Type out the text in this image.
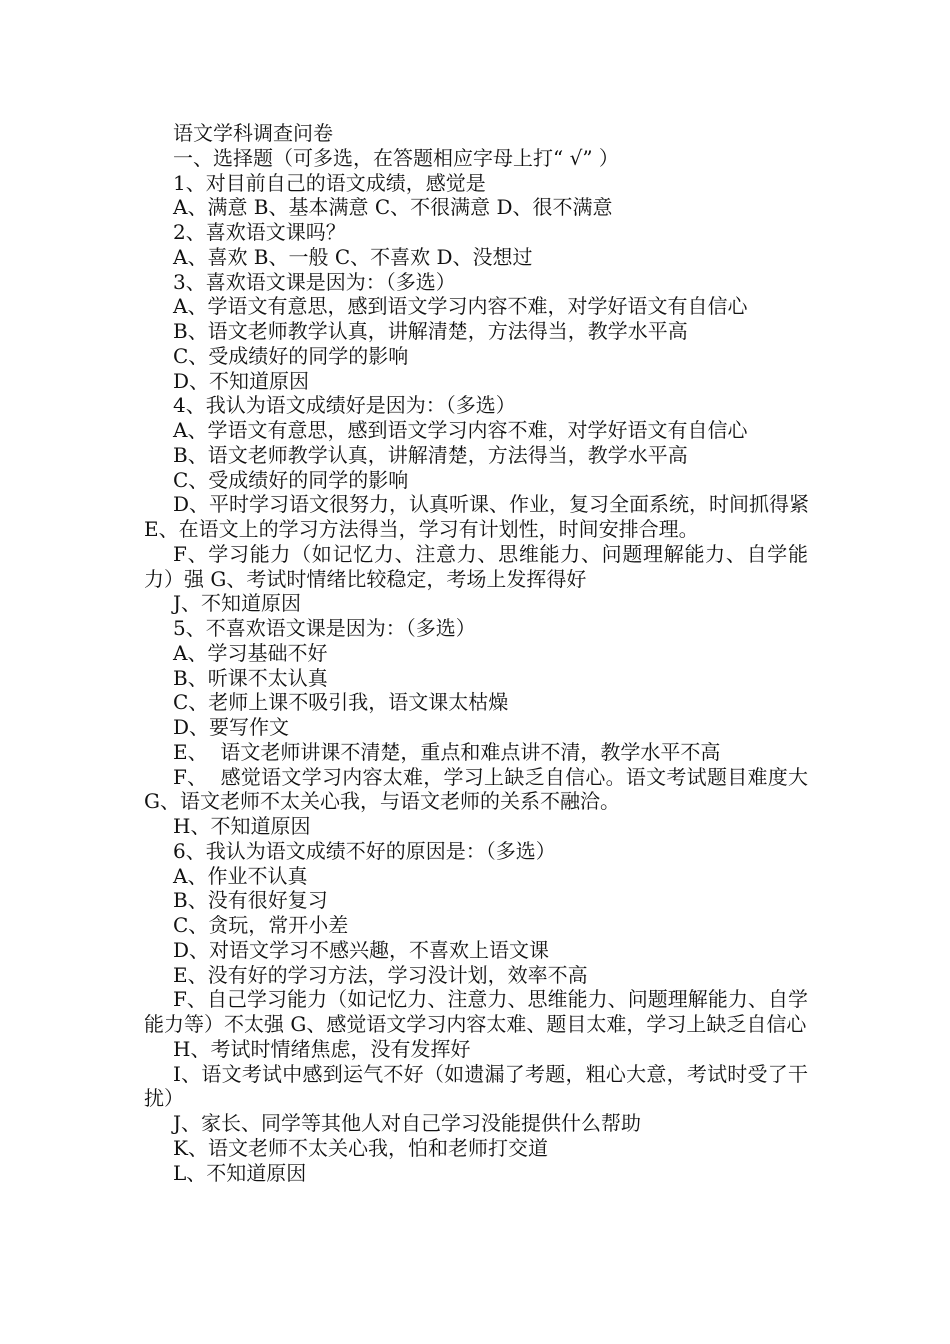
语文学科调查问卷
一、选择题（可多选，在答题相应字母上打“ √” ）
1、对目前自己的语文成绩，感觉是
A、满意 B、基本满意 C、不很满意 D、很不满意
2、喜欢语文课吗？
A、喜欢 B、一般 C、不喜欢 D、没想过
3、喜欢语文课是因为：（多选）
A、学语文有意思，感到语文学习内容不难，对学好语文有自信心
B、语文老师教学认真，讲解清楚，方法得当，教学水平高
C、受成绩好的同学的影响
D、不知道原因
4、我认为语文成绩好是因为：（多选）
A、学语文有意思，感到语文学习内容不难，对学好语文有自信心
B、语文老师教学认真，讲解清楚，方法得当，教学水平高
C、受成绩好的同学的影响
D、平时学习语文很努力，认真听课、作业，复习全面系统，时间抓得紧
E、在语文上的学习方法得当，学习有计划性，时间安排合理。
F、学习能力（如记忆力、注意力、思维能力、问题理解能力、自学能力）强 G、考试时情绪比较稳定，考场上发挥得好
J、不知道原因
5、不喜欢语文课是因为：（多选）
A、学习基础不好
B、听课不太认真
C、老师上课不吸引我，语文课太枯燥
D、要写作文
E、  语文老师讲课不清楚，重点和难点讲不清，教学水平不高
F、  感觉语文学习内容太难，学习上缺乏自信心。语文考试题目难度大 G、语文老师不太关心我，与语文老师的关系不融洽。
H、不知道原因
6、我认为语文成绩不好的原因是：（多选）
A、作业不认真
B、没有很好复习
C、贪玩，常开小差
D、对语文学习不感兴趣，不喜欢上语文课
E、没有好的学习方法，学习没计划，效率不高
F、自己学习能力（如记忆力、注意力、思维能力、问题理解能力、自学能力等）不太强 G、感觉语文学习内容太难、题目太难，学习上缺乏自信心
H、考试时情绪焦虑，没有发挥好
I、语文考试中感到运气不好（如遗漏了考题，粗心大意，考试时受了干扰）
J、家长、同学等其他人对自己学习没能提供什么帮助
K、语文老师不太关心我，怕和老师打交道
L、不知道原因
